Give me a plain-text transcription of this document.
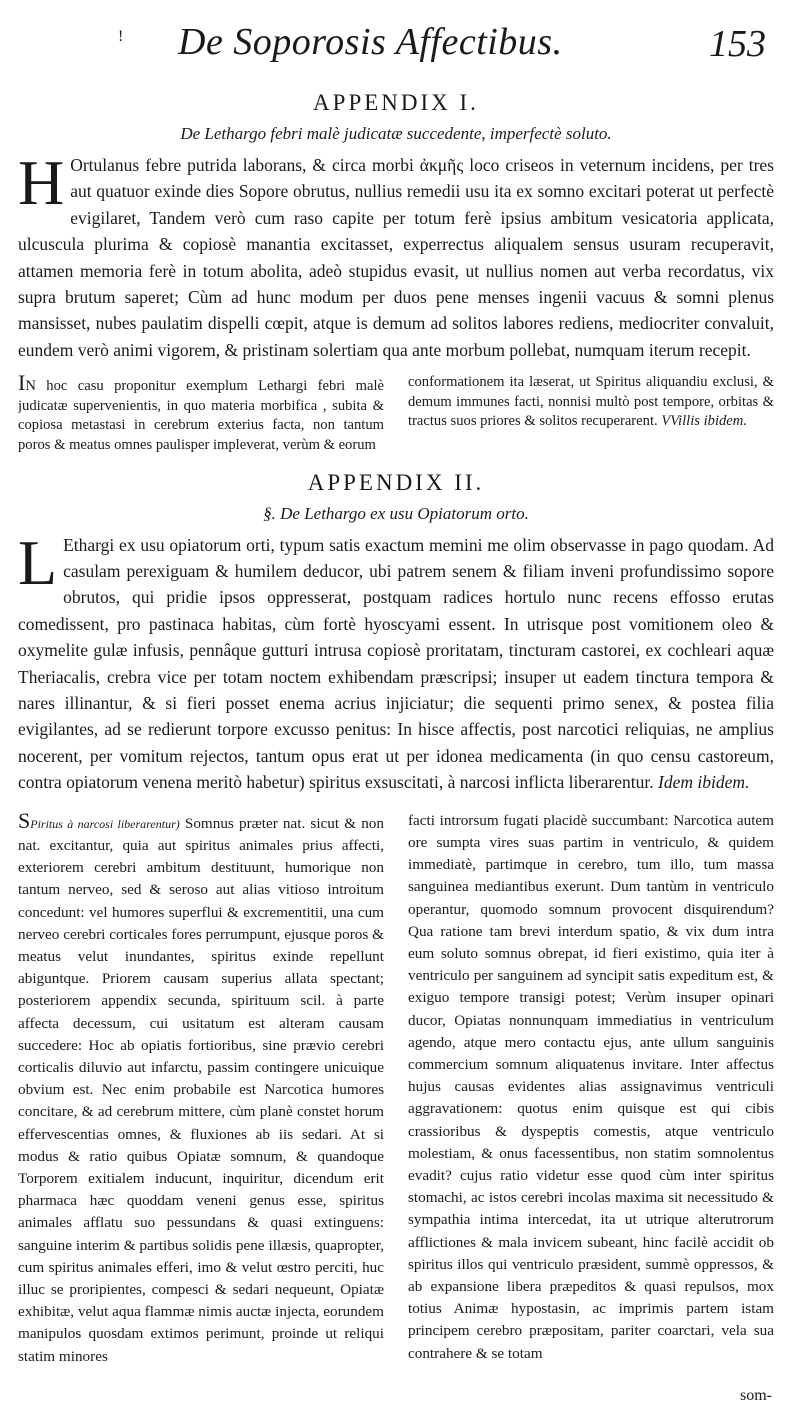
! De Soporosis Affectibus.	153
APPENDIX I.
De Lethargo febri malè judicatæ succedente, imperfectè soluto.

H Ortulanus febre putrida laborans, & circa morbi ἀκμῆς loco criseos in veternum incidens, per tres aut quatuor exinde dies Sopore obrutus, nullius remedii usu ita ex somno excitari poterat ut perfectè evigilaret, Tandem verò cum raso capite per totum ferè ipsius ambitum vesicatoria applicata, ulcuscula plurima & copiosè manantia excitasset, experrectus aliqualem sensus usuram recuperavit, attamen memoria ferè in totum abolita, adeò stupidus evasit, ut nullius nomen aut verba recordatus, vix supra brutum saperet; Cùm ad hunc modum per duos pene menses ingenii vacuus & somni plenus mansisset, nubes paulatim dispelli cœpit, atque is demum ad solitos labores rediens, mediocriter convaluit, eundem verò animi vigorem, & pristinam solertiam qua ante morbum pollebat, numquam iterum recepit.

IN hoc casu proponitur exemplum Lethargi febri malè judicatæ supervenientis, in quo materia morbifica , subita & copiosa metastasi in cerebrum exterius facta, non tantum poros & meatus omnes paulisper impleverat, verùm & eorum
conformationem ita læserat, ut Spiritus aliquandiu exclusi, & demum immunes facti, nonnisi multò post tempore, orbitas & tractus suos priores & solitos recuperarent. VVillis ibidem.
APPENDIX II.
§. De Lethargo ex usu Opiatorum orto.

L Ethargi ex usu opiatorum orti, typum satis exactum memini me olim observasse in pago quodam. Ad casulam perexiguam & humilem deducor, ubi patrem senem & filiam inveni profundissimo sopore obrutos, qui pridie ipsos oppresserat, postquam radices hortulo nunc recens effosso erutas comedissent, pro pastinaca habitas, cùm fortè hyoscyami essent. In utrisque post vomitionem oleo & oxymelite gulæ infusis, pennâque gutturi intrusa copiosè proritatam, tincturam castorei, ex cochleari aquæ Theriacalis, crebra vice per totam noctem exhibendam præscripsi; insuper ut eadem tinctura tempora & nares illinantur, & si fieri posset enema acrius injiciatur; die sequenti primo senex, & postea filia evigilantes, ad se redierunt torpore excusso penitus: In hisce affectis, post narcotici reliquias, ne amplius nocerent, per vomitum rejectos, tantum opus erat ut per idonea medicamenta (in quo censu castoreum, contra opiatorum venena meritò habetur) spiritus exsuscitati, à narcosi inflicta liberarentur. Idem ibidem.

SPiritus à narcosi liberarentur) Somnus præter nat. sicut & non nat. excitantur, quia aut spiritus animales prius affecti, exteriorem cerebri ambitum destituunt, humorique non tantum nerveo, sed & seroso aut alias vitioso introitum concedunt: vel humores superflui & excrementitii, una cum nerveo cerebri corticales fores perrumpunt, ejusque poros & meatus velut inundantes, spiritus exinde repellunt abiguntque. Priorem causam superius allata spectant; posteriorem appendix secunda, spirituum scil. à parte affecta decessum, cui usitatum est alteram causam succedere: Hoc ab opiatis fortioribus, sine prævio cerebri corticalis diluvio aut infarctu, passim contingere unicuique obvium est. Nec enim probabile est Narcotica humores concitare, & ad cerebrum mittere, cùm planè constet horum effervescentias omnes, & fluxiones ab iis sedari. At si modus & ratio quibus Opiatæ somnum, & quandoque Torporem exitialem inducunt, inquiritur, dicendum erit pharmaca hæc quoddam veneni genus esse, spiritus animales afflatu suo pessundans & quasi extinguens: sanguine interim & partibus solidis pene illæsis, quapropter, cum spiritus animales efferi, imo & velut œstro perciti, huc illuc se proripientes, compesci & sedari nequeunt, Opiatæ exhibitæ, velut aqua flammæ nimis auctæ injecta, eorundem manipulos quosdam extimos perimunt, proinde ut reliqui statim minores
facti introrsum fugati placidè succumbant: Narcotica autem ore sumpta vires suas partim in ventriculo, & quidem immediatè, partimque in cerebro, tum illo, tum massa sanguinea mediantibus exerunt. Dum tantùm in ventriculo operantur, quomodo somnum provocent disquirendum? Qua ratione tam brevi interdum spatio, & vix dum intra eum soluto somnus obrepat, id fieri existimo, quia iter à ventriculo per sanguinem ad syncipit satis expeditum est, & exiguo tempore transigi potest; Verùm insuper opinari ducor, Opiatas nonnunquam immediatius in ventriculum agendo, atque mero contactu ejus, ante ullum sanguinis commercium somnum aliquatenus invitare. Inter affectus hujus causas evidentes alias assignavimus ventriculi aggravationem: quotus enim quisque est qui cibis crassioribus & dyspeptis comestis, atque ventriculo molestiam, & onus facessentibus, non statim somnolentus evadit? cujus ratio videtur esse quod cùm inter spiritus stomachi, ac istos cerebri incolas maxima sit necessitudo & sympathia intima intercedat, ita ut utrique alterutrorum afflictiones & mala invicem subeant, hinc facilè accidit ob spiritus illos qui ventriculo præsident, summè oppressos, & ab expansione libera præpeditos & quasi repulsos, mox totius Animæ hypostasin, ac imprimis partem istam principem cerebro præpositam, pariter coarctari, vela sua contrahere & se totam
som-
